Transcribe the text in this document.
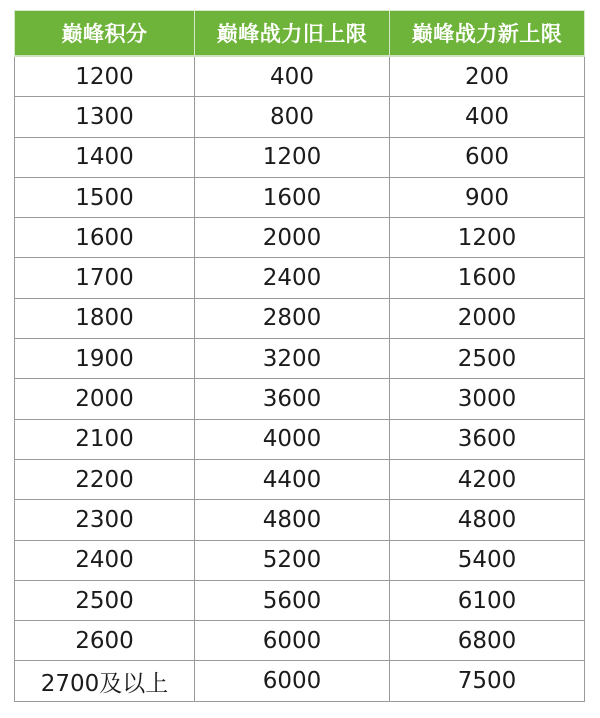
巅峰积分	巅峰战力旧上限	巅峰战力新上限
1200	400	200
1300	800	400
1400	1200	600
1500	1600	900
1600	2000	1200
1700	2400	1600
1800	2800	2000
1900	3200	2500
2000	3600	3000
2100	4000	3600
2200	4400	4200
2300	4800	4800
2400	5200	5400
2500	5600	6100
2600	6000	6800
2700及以上	6000	7500
